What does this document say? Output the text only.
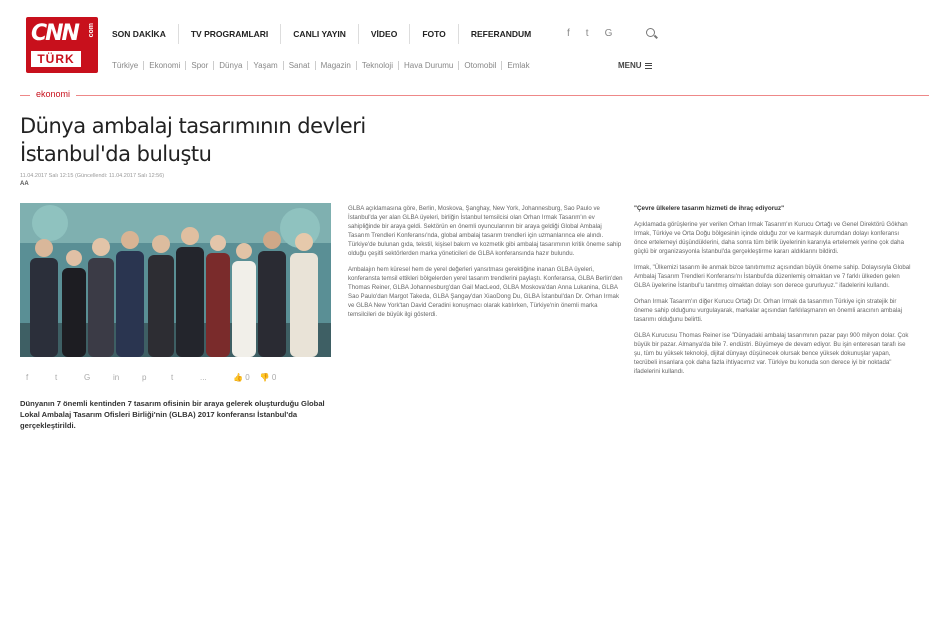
CNN com
TÜRK
SON DAKİKA	TV PROGRAMLARI	CANLI YAYIN	VİDEO	FOTO	REFERANDUM	f t G
Türkiye	Ekonomi	Spor	Dünya	Yaşam	Sanat	Magazin	Teknoloji	Hava Durumu	Otomobil	Emlak	MENU
ekonomi
Dünya ambalaj tasarımının devleri
İstanbul'da buluştu
11.04.2017 Salı 12:15 (Güncellendi: 11.04.2017 Salı 12:56)
AA
f	t	G	in	p	t	...	👍 0 👎 0

Dünyanın 7 önemli kentinden 7 tasarım ofisinin bir araya gelerek oluşturduğu Global Lokal Ambalaj Tasarım Ofisleri Birliği'nin (GLBA) 2017 konferansı İstanbul'da gerçekleştirildi.

GLBA açıklamasına göre, Berlin, Moskova, Şanghay, New York, Johannesburg, Sao Paulo ve İstanbul'da yer alan GLBA üyeleri, birliğin İstanbul temsilcisi olan Orhan Irmak Tasarım'ın ev sahipliğinde bir araya geldi. Sektörün en önemli oyuncularının bir araya geldiği Global Ambalaj Tasarım Trendleri Konferansı'nda, global ambalaj tasarım trendleri için uzmanlarınca ele alındı. Türkiye'de bulunan gıda, tekstil, kişisel bakım ve kozmetik gibi ambalaj tasarımının kritik öneme sahip olduğu çeşitli sektörlerden marka yöneticileri de GLBA konferansında hazır bulundu.

Ambalajın hem küresel hem de yerel değerleri yansıtması gerektiğine inanan GLBA üyeleri, konferansta temsil ettikleri bölgelerden yerel tasarım trendlerini paylaştı. Konferansa, GLBA Berlin'den Thomas Reiner, GLBA Johannesburg'dan Gail MacLeod, GLBA Moskova'dan Anna Lukanina, GLBA Sao Paulo'dan Margot Takeda, GLBA Şangay'dan XiaoDong Du, GLBA İstanbul'dan Dr. Orhan Irmak ve GLBA New York'tan David Ceradini konuşmacı olarak katılırken, Türkiye'nin önemli marka temsilcileri de büyük ilgi gösterdi.

"Çevre ülkelere tasarım hizmeti de ihraç ediyoruz"

Açıklamada görüşlerine yer verilen Orhan Irmak Tasarım'ın Kurucu Ortağı ve Genel Direktörü Gökhan Irmak, Türkiye ve Orta Doğu bölgesinin içinde olduğu zor ve karmaşık durumdan dolayı konferansı önce ertelemeyi düşündüklerini, daha sonra tüm birlik üyelerinin kararıyla ertelemek yerine çok daha güçlü bir organizasyonla İstanbul'da gerçekleştirme kararı aldıklarını bildirdi.

Irmak, "Ülkemizi tasarım ile anmak bizce tanıtımımız açısından büyük öneme sahip. Dolayısıyla Global Ambalaj Tasarım Trendleri Konferansı'nı İstanbul'da düzenlemiş olmaktan ve 7 farklı ülkeden gelen GLBA üyelerine İstanbul'u tanıtmış olmaktan dolayı son derece gururluyuz." ifadelerini kullandı.

Orhan Irmak Tasarım'ın diğer Kurucu Ortağı Dr. Orhan Irmak da tasarımın Türkiye için stratejik bir öneme sahip olduğunu vurgulayarak, markalar açısından farklılaşmanın en önemli aracının ambalaj tasarımı olduğunu belirtti.

GLBA Kurucusu Thomas Reiner ise "Dünyadaki ambalaj tasarımının pazar payı 900 milyon dolar. Çok büyük bir pazar. Almanya'da bile 7. endüstri. Büyümeye de devam ediyor. Bu işin enteresan tarafı ise şu, tüm bu yüksek teknoloji, dijital dünyayı düşünecek olursak bence yüksek dokunuşlar yapan, tecrübeli insanlara çok daha fazla ihtiyacımız var. Türkiye bu konuda son derece iyi bir noktada" ifadelerini kullandı.
